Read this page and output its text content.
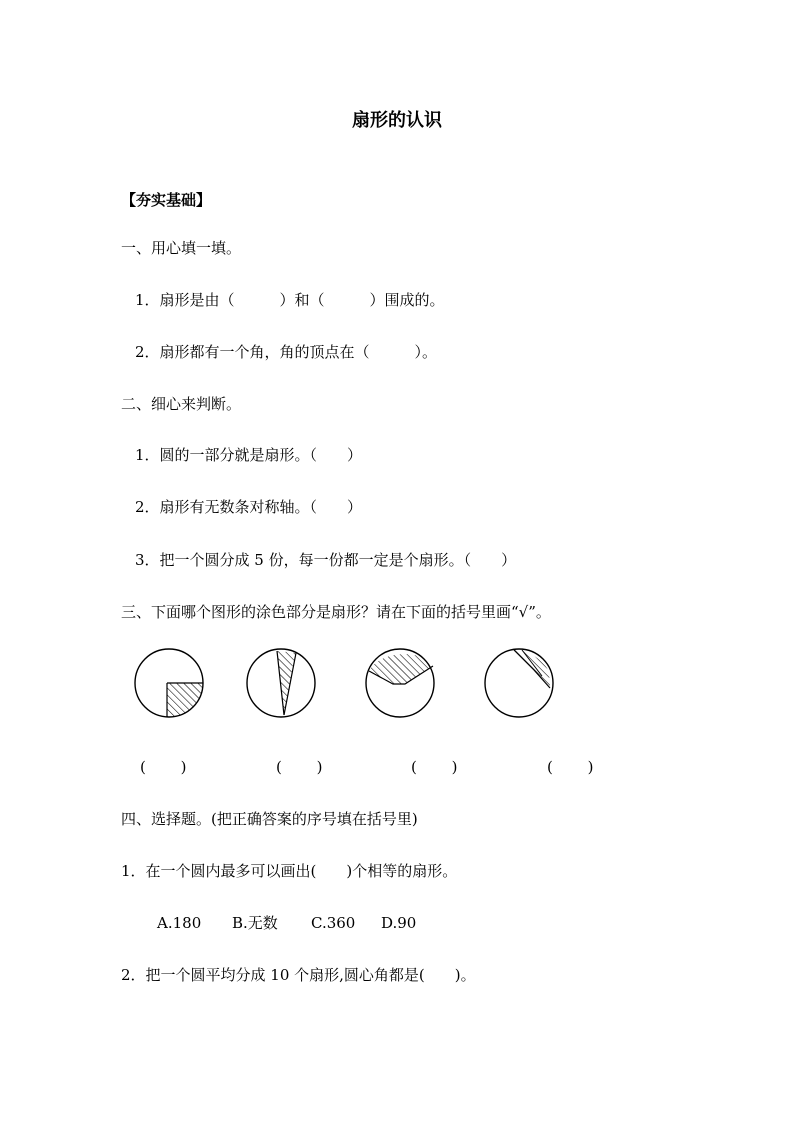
扇形的认识
【夯实基础】
一、用心填一填。
1．扇形是由（　　　）和（　　　）围成的。
2．扇形都有一个角，角的顶点在（　　　）。
二、细心来判断。
1．圆的一部分就是扇形。（　　）
2．扇形有无数条对称轴。（　　）
3．把一个圆分成 5 份，每一份都一定是个扇形。（　　）
三、下面哪个图形的涂色部分是扇形？请在下面的括号里画“√”。
(　　 )	(　　 )	(　　 )	(　　 )
四、选择题。(把正确答案的序号填在括号里)
1．在一个圆内最多可以画出(　　)个相等的扇形。
A.180 B.无数 C.360 D.90
2．把一个圆平均分成 10 个扇形,圆心角都是(　　)。
